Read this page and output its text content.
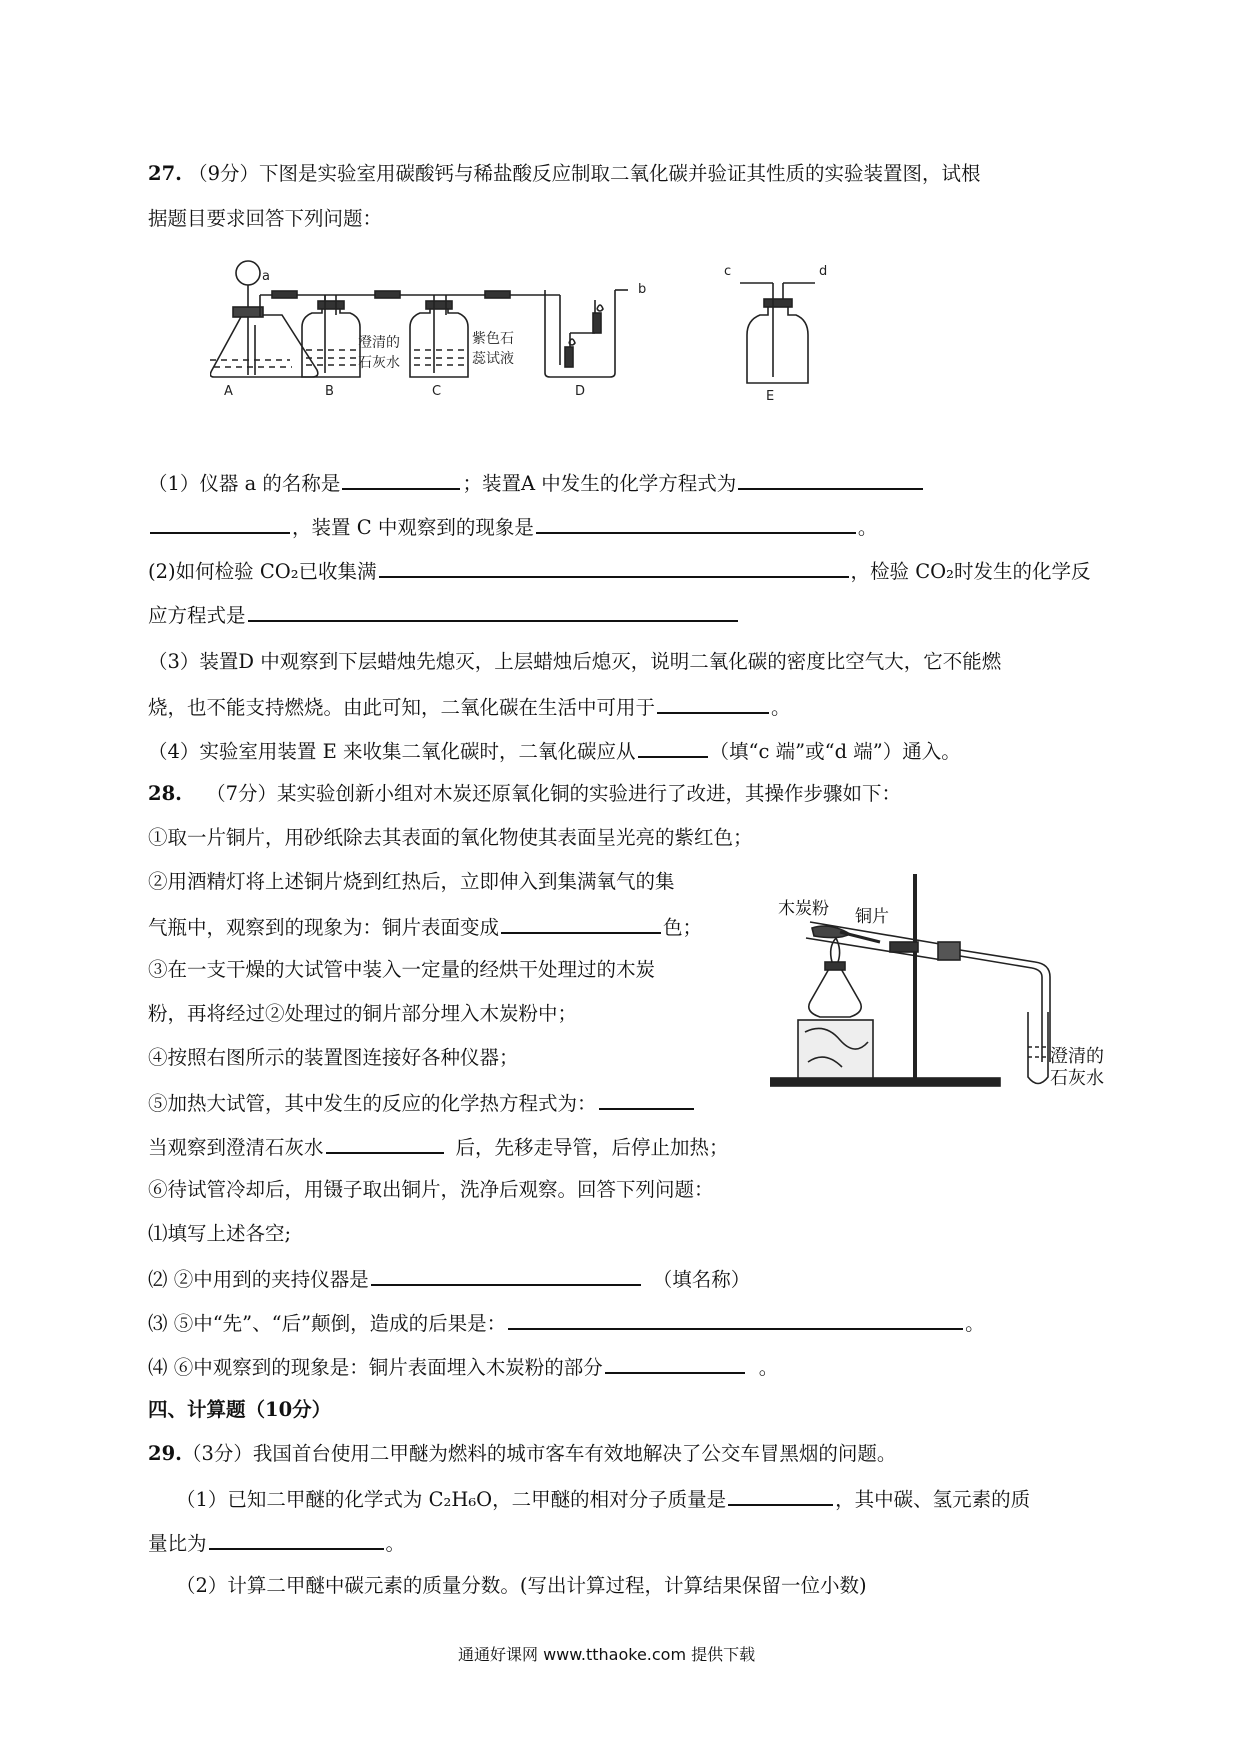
27. （9分）下图是实验室用碳酸钙与稀盐酸反应制取二氧化碳并验证其性质的实验装置图，试根
据题目要求回答下列问题：
a
b
c	d
A	B	C	D	E
澄清的
石灰水
紫色石
蕊试液
（1）仪器 a 的名称是	；装置A 中发生的化学方程式为
，装置 C 中观察到的现象是	。
(2)如何检验 CO₂已收集满	，检验 CO₂时发生的化学反
应方程式是
（3）装置D 中观察到下层蜡烛先熄灭，上层蜡烛后熄灭，说明二氧化碳的密度比空气大，它不能燃
烧，也不能支持燃烧。由此可知，二氧化碳在生活中可用于	。
（4）实验室用装置 E 来收集二氧化碳时，二氧化碳应从	（填“c 端”或“d 端”）通入。
28. （7分）某实验创新小组对木炭还原氧化铜的实验进行了改进，其操作步骤如下：
①取一片铜片，用砂纸除去其表面的氧化物使其表面呈光亮的紫红色；
②用酒精灯将上述铜片烧到红热后，立即伸入到集满氧气的集
气瓶中，观察到的现象为：铜片表面变成	色；
③在一支干燥的大试管中装入一定量的经烘干处理过的木炭
粉，再将经过②处理过的铜片部分埋入木炭粉中；
④按照右图所示的装置图连接好各种仪器；
⑤加热大试管，其中发生的反应的化学热方程式为：
当观察到澄清石灰水	后，先移走导管，后停止加热；
⑥待试管冷却后，用镊子取出铜片，洗净后观察。回答下列问题：
⑴填写上述各空;
⑵ ②中用到的夹持仪器是	（填名称）
⑶ ⑤中“先”、“后”颠倒，造成的后果是：	。
⑷ ⑥中观察到的现象是：铜片表面埋入木炭粉的部分	。
木炭粉 铜片
澄清的
石灰水
四、计算题（10分）
29.（3分）我国首台使用二甲醚为燃料的城市客车有效地解决了公交车冒黑烟的问题。
（1）已知二甲醚的化学式为 C₂H₆O，二甲醚的相对分子质量是	，其中碳、氢元素的质
量比为	。
（2）计算二甲醚中碳元素的质量分数。(写出计算过程，计算结果保留一位小数)
通通好课网 www.tthaoke.com 提供下载
